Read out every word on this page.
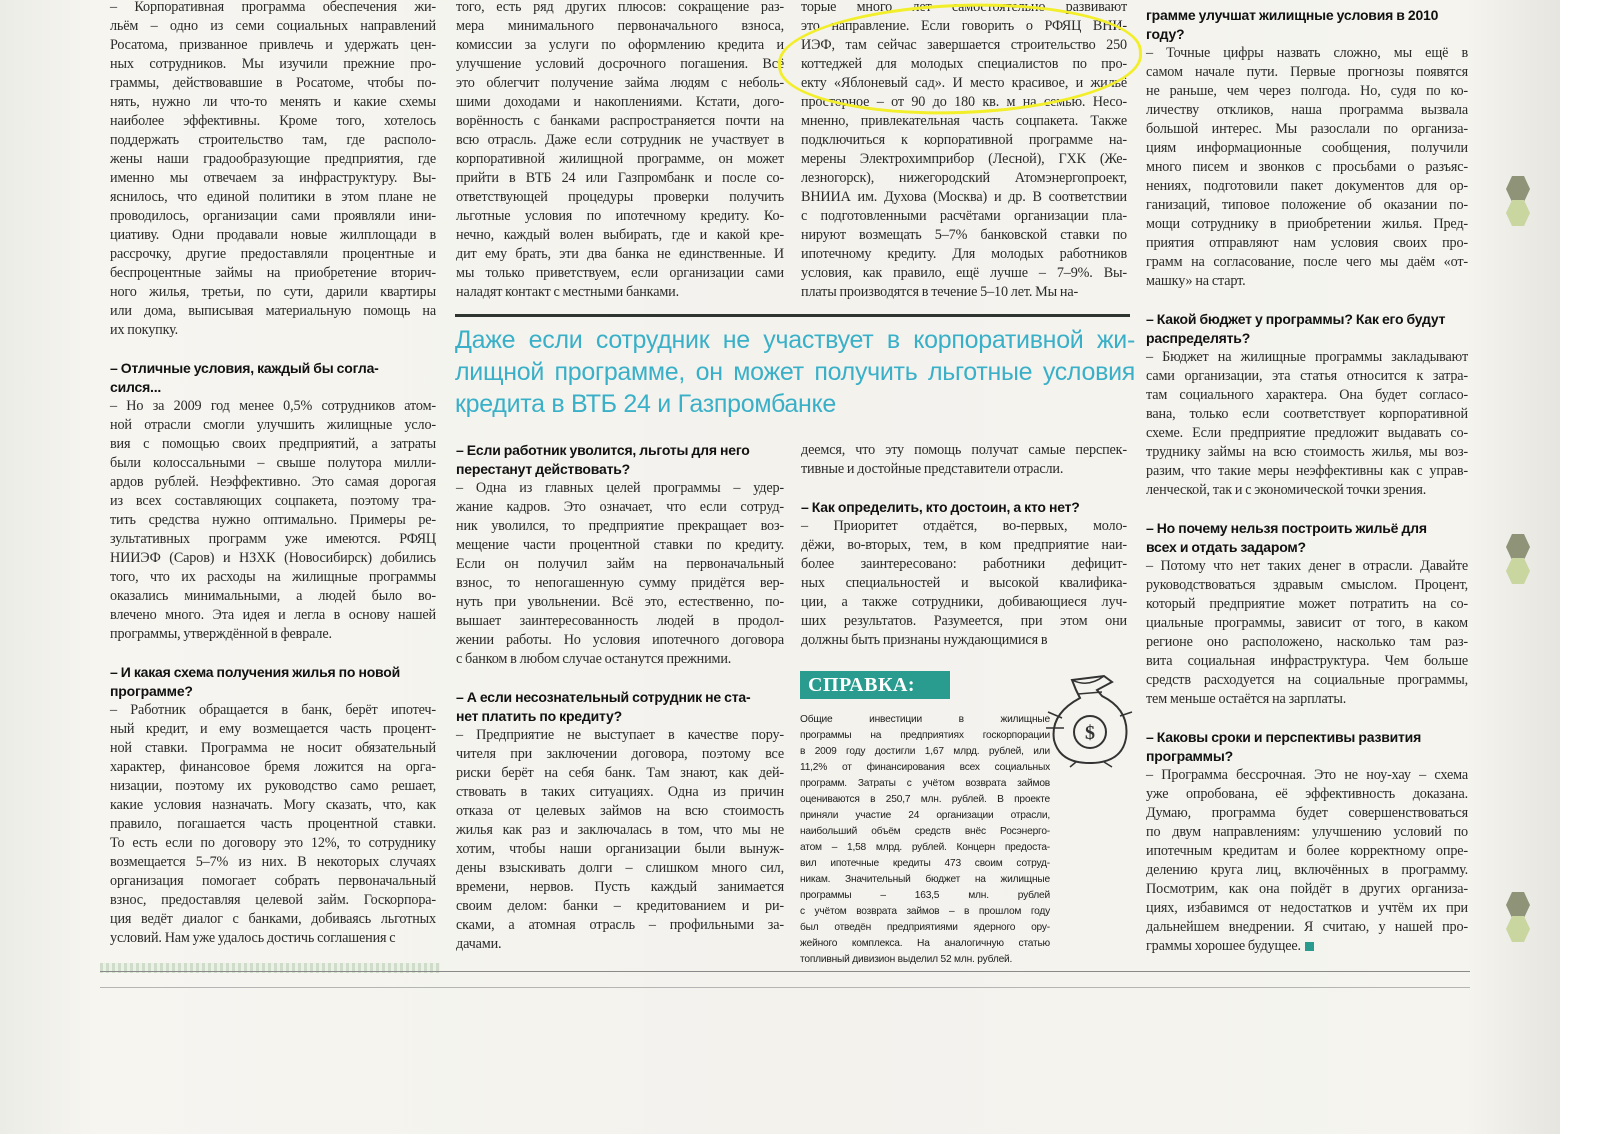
– Корпоративная программа обеспечения жи-
льём – одно из семи социальных направлений
Росатома, призванное привлечь и удержать цен-
ных сотрудников. Мы изучили прежние про-
граммы, действовавшие в Росатоме, чтобы по-
нять, нужно ли что-то менять и какие схемы
наиболее эффективны. Кроме того, хотелось
поддержать строительство там, где располо-
жены наши градообразующие предприятия, где
именно мы отвечаем за инфраструктуру. Вы-
яснилось, что единой политики в этом плане не
проводилось, организации сами проявляли ини-
циативу. Одни продавали новые жилплощади в
рассрочку, другие предоставляли процентные и
беспроцентные займы на приобретение вторич-
ного жилья, третьи, по сути, дарили квартиры
или дома, выписывая материальную помощь на
их покупку.

– Отличные условия, каждый бы согла-
сился...

– Но за 2009 год менее 0,5% сотрудников атом-
ной отрасли смогли улучшить жилищные усло-
вия с помощью своих предприятий, а затраты
были колоссальными – свыше полутора милли-
ардов рублей. Неэффективно. Это самая дорогая
из всех составляющих соцпакета, поэтому тра-
тить средства нужно оптимально. Примеры ре-
зультативных программ уже имеются. РФЯЦ
НИИЭФ (Саров) и НЗХК (Новосибирск) добились
того, что их расходы на жилищные программы
оказались минимальными, а людей было во-
влечено много. Эта идея и легла в основу нашей
программы, утверждённой в феврале.

– И какая схема получения жилья по новой
программе?

– Работник обращается в банк, берёт ипотеч-
ный кредит, и ему возмещается часть процент-
ной ставки. Программа не носит обязательный
характер, финансовое бремя ложится на орга-
низации, поэтому их руководство само решает,
какие условия назначать. Могу сказать, что, как
правило, погашается часть процентной ставки.
То есть если по договору это 12%, то сотруднику
возмещается 5–7% из них. В некоторых случаях
организация помогает собрать первоначальный
взнос, предоставляя целевой займ. Госкорпора-
ция ведёт диалог с банками, добиваясь льготных
условий. Нам уже удалось достичь соглашения с
того, есть ряд других плюсов: сокращение раз-
мера минимального первоначального взноса,
комиссии за услуги по оформлению кредита и
улучшение условий досрочного погашения. Всё
это облегчит получение займа людям с неболь-
шими доходами и накоплениями. Кстати, дого-
ворённость с банками распространяется почти на
всю отрасль. Даже если сотрудник не участвует в
корпоративной жилищной программе, он может
прийти в ВТБ 24 или Газпромбанк и после со-
ответствующей процедуры проверки получить
льготные условия по ипотечному кредиту. Ко-
нечно, каждый волен выбирать, где и какой кре-
дит ему брать, эти два банка не единственные. И
мы только приветствуем, если организации сами
наладят контакт с местными банками.
торые много лет самостоятельно развивают
это направление. Если говорить о РФЯЦ ВНИ-
ИЭФ, там сейчас завершается строительство 250
коттеджей для молодых специалистов по про-
екту «Яблоневый сад». И место красивое, и жильё
просторное – от 90 до 180 кв. м на семью. Несо-
мненно, привлекательная часть соцпакета. Также
подключиться к корпоративной программе на-
мерены Электрохимприбор (Лесной), ГХК (Же-
лезногорск), нижегородский Атомэнергопроект,
ВНИИА им. Духова (Москва) и др. В соответствии
с подготовленными расчётами организации пла-
нируют возмещать 5–7% банковской ставки по
ипотечному кредиту. Для молодых работников
условия, как правило, ещё лучше – 7–9%. Вы-
платы производятся в течение 5–10 лет. Мы на-
Даже если сотрудник не участвует в корпоративной жи-
лищной программе, он может получить льготные условия
кредита в ВТБ 24 и Газпромбанке

– Если работник уволится, льготы для него
перестанут действовать?

– Одна из главных целей программы – удер-
жание кадров. Это означает, что если сотруд-
ник уволился, то предприятие прекращает воз-
мещение части процентной ставки по кредиту.
Если он получил займ на первоначальный
взнос, то непогашенную сумму придётся вер-
нуть при увольнении. Всё это, естественно, по-
вышает заинтересованность людей в продол-
жении работы. Но условия ипотечного договора
с банком в любом случае останутся прежними.

– А если несознательный сотрудник не ста-
нет платить по кредиту?

– Предприятие не выступает в качестве пору-
чителя при заключении договора, поэтому все
риски берёт на себя банк. Там знают, как дей-
ствовать в таких ситуациях. Одна из причин
отказа от целевых займов на всю стоимость
жилья как раз и заключалась в том, что мы не
хотим, чтобы наши организации были вынуж-
дены взыскивать долги – слишком много сил,
времени, нервов. Пусть каждый занимается
своим делом: банки – кредитованием и ри-
сками, а атомная отрасль – профильными за-
дачами.
деемся, что эту помощь получат самые перспек-
тивные и достойные представители отрасли.

– Как определить, кто достоин, а кто нет?

– Приоритет отдаётся, во-первых, моло-
дёжи, во-вторых, тем, в ком предприятие наи-
более заинтересовано: работники дефицит-
ных специальностей и высокой квалифика-
ции, а также сотрудники, добивающиеся луч-
ших результатов. Разумеется, при этом они
должны быть признаны нуждающимися в
СПРАВКА:
Общие инвестиции в жилищные
программы на предприятиях госкорпорации
в 2009 году достигли 1,67 млрд. рублей, или
11,2% от финансирования всех социальных
программ. Затраты с учётом возврата займов
оцениваются в 250,7 млн. рублей. В проекте
приняли участие 24 организации отрасли,
наибольший объём средств внёс Росэнерго-
атом – 1,58 млрд. рублей. Концерн предоста-
вил ипотечные кредиты 473 своим сотруд-
никам. Значительный бюджет на жилищные
программы – 163,5 млн. рублей
с учётом возврата займов – в прошлом году
был отведён предприятиями ядерного ору-
жейного комплекса. На аналогичную статью
топливный дивизион выделил 52 млн. рублей.
$

грамме улучшат жилищные условия в 2010
году?

– Точные цифры назвать сложно, мы ещё в
самом начале пути. Первые прогнозы появятся
не раньше, чем через полгода. Но, судя по ко-
личеству откликов, наша программа вызвала
большой интерес. Мы разослали по организа-
циям информационные сообщения, получили
много писем и звонков с просьбами о разъяс-
нениях, подготовили пакет документов для ор-
ганизаций, типовое положение об оказании по-
мощи сотруднику в приобретении жилья. Пред-
приятия отправляют нам условия своих про-
грамм на согласование, после чего мы даём «от-
машку» на старт.

– Какой бюджет у программы? Как его будут
распределять?

– Бюджет на жилищные программы закладывают
сами организации, эта статья относится к затра-
там социального характера. Она будет согласо-
вана, только если соответствует корпоративной
схеме. Если предприятие предложит выдавать со-
трудникy займы на всю стоимость жилья, мы воз-
разим, что такие меры неэффективны как с управ-
ленческой, так и с экономической точки зрения.

– Но почему нельзя построить жильё для
всех и отдать задаром?

– Потому что нет таких денег в отрасли. Давайте
руководствоваться здравым смыслом. Процент,
который предприятие может потратить на со-
циальные программы, зависит от того, в каком
регионе оно расположено, насколько там раз-
вита социальная инфраструктура. Чем больше
средств расходуется на социальные программы,
тем меньше остаётся на зарплаты.

– Каковы сроки и перспективы развития
программы?

– Программа бессрочная. Это не ноу-хау – схема
уже опробована, её эффективность доказана.
Думаю, программа будет совершенствоваться
по двум направлениям: улучшению условий по
ипотечным кредитам и более корректному опре-
делению круга лиц, включённых в программу.
Посмотрим, как она пойдёт в других организа-
циях, избавимся от недостатков и учтём их при
дальнейшем внедрении. Я считаю, у нашей про-
граммы хорошее будущее.
